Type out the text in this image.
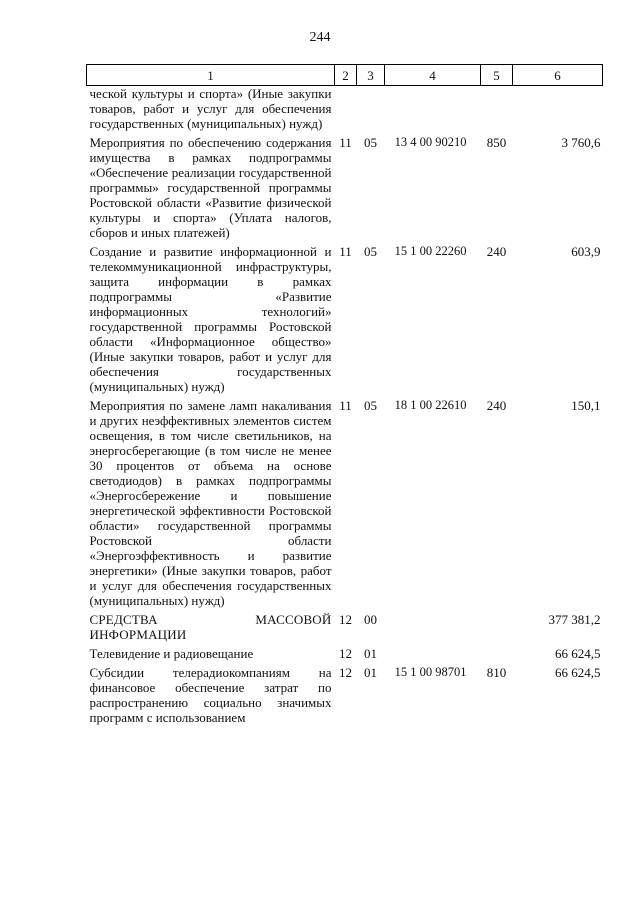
244
1	2	3	4	5	6
ческой культуры и спорта» (Иные закупки товаров, работ и услуг для обеспечения государственных (муниципальных) нужд)					
Мероприятия по обеспечению содержания имущества в рамках подпрограммы «Обеспечение реализации государственной программы» государственной программы Ростовской области «Развитие физической культуры и спорта» (Уплата налогов, сборов и иных платежей)	11	05	13 4 00 90210	850	3 760,6
Создание и развитие информационной и телекоммуникационной инфраструктуры, защита информации в рамках подпрограммы «Развитие информационных технологий» государственной программы Ростовской области «Информационное общество» (Иные закупки товаров, работ и услуг для обеспечения государственных (муниципальных) нужд)	11	05	15 1 00 22260	240	603,9
Мероприятия по замене ламп накаливания и других неэффективных элементов систем освещения, в том числе светильников, на энергосберегающие (в том числе не менее 30 процентов от объема на основе светодиодов) в рамках подпрограммы «Энергосбережение и повышение энергетической эффективности Ростовской области» государственной программы Ростовской области «Энергоэффективность и развитие энергетики» (Иные закупки товаров, работ и услуг для обеспечения государственных (муниципальных) нужд)	11	05	18 1 00 22610	240	150,1
СРЕДСТВА МАССОВОЙ ИНФОРМАЦИИ	12	00			377 381,2
Телевидение и радиовещание	12	01			66 624,5
Субсидии телерадиокомпаниям на финансовое обеспечение затрат по распространению социально значимых программ с использованием	12	01	15 1 00 98701	810	66 624,5
